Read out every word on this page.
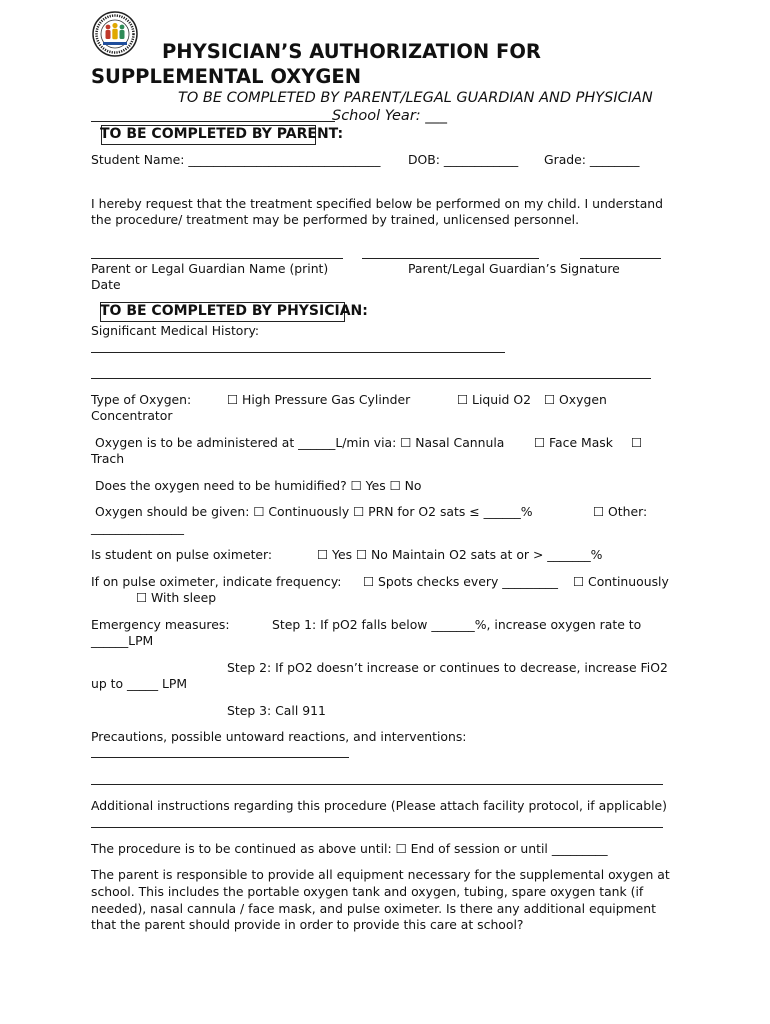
PHYSICIAN’S AUTHORIZATION FOR
SUPPLEMENTAL OXYGEN
TO BE COMPLETED BY PARENT/LEGAL GUARDIAN AND PHYSICIAN
School Year: ___
TO BE COMPLETED BY PARENT:
Student Name: _______________________________ DOB: ____________ Grade: ________
I hereby request that the treatment specified below be performed on my child. I understand
the procedure/ treatment may be performed by trained, unlicensed personnel.
Parent or Legal Guardian Name (print)	Parent/Legal Guardian’s Signature
Date
TO BE COMPLETED BY PHYSICIAN:
Significant Medical History:
Type of Oxygen:	☐ High Pressure Gas Cylinder	☐ Liquid O2 ☐ Oxygen
Concentrator
Oxygen is to be administered at ______L/min via: ☐ Nasal Cannula ☐ Face Mask ☐
Trach
Does the oxygen need to be humidified? ☐ Yes ☐ No
Oxygen should be given: ☐ Continuously ☐ PRN for O2 sats ≤ ______%	☐ Other:
_______________
Is student on pulse oximeter:	☐ Yes ☐ No Maintain O2 sats at or > _______%
If on pulse oximeter, indicate frequency: ☐ Spots checks every _________ ☐ Continuously
☐ With sleep
Emergency measures:	Step 1: If pO2 falls below _______%, increase oxygen rate to
______LPM
Step 2: If pO2 doesn’t increase or continues to decrease, increase FiO2
up to _____ LPM
Step 3: Call 911
Precautions, possible untoward reactions, and interventions:
Additional instructions regarding this procedure (Please attach facility protocol, if applicable)
The procedure is to be continued as above until: ☐ End of session or until _________
The parent is responsible to provide all equipment necessary for the supplemental oxygen at
school. This includes the portable oxygen tank and oxygen, tubing, spare oxygen tank (if
needed), nasal cannula / face mask, and pulse oximeter. Is there any additional equipment
that the parent should provide in order to provide this care at school?
